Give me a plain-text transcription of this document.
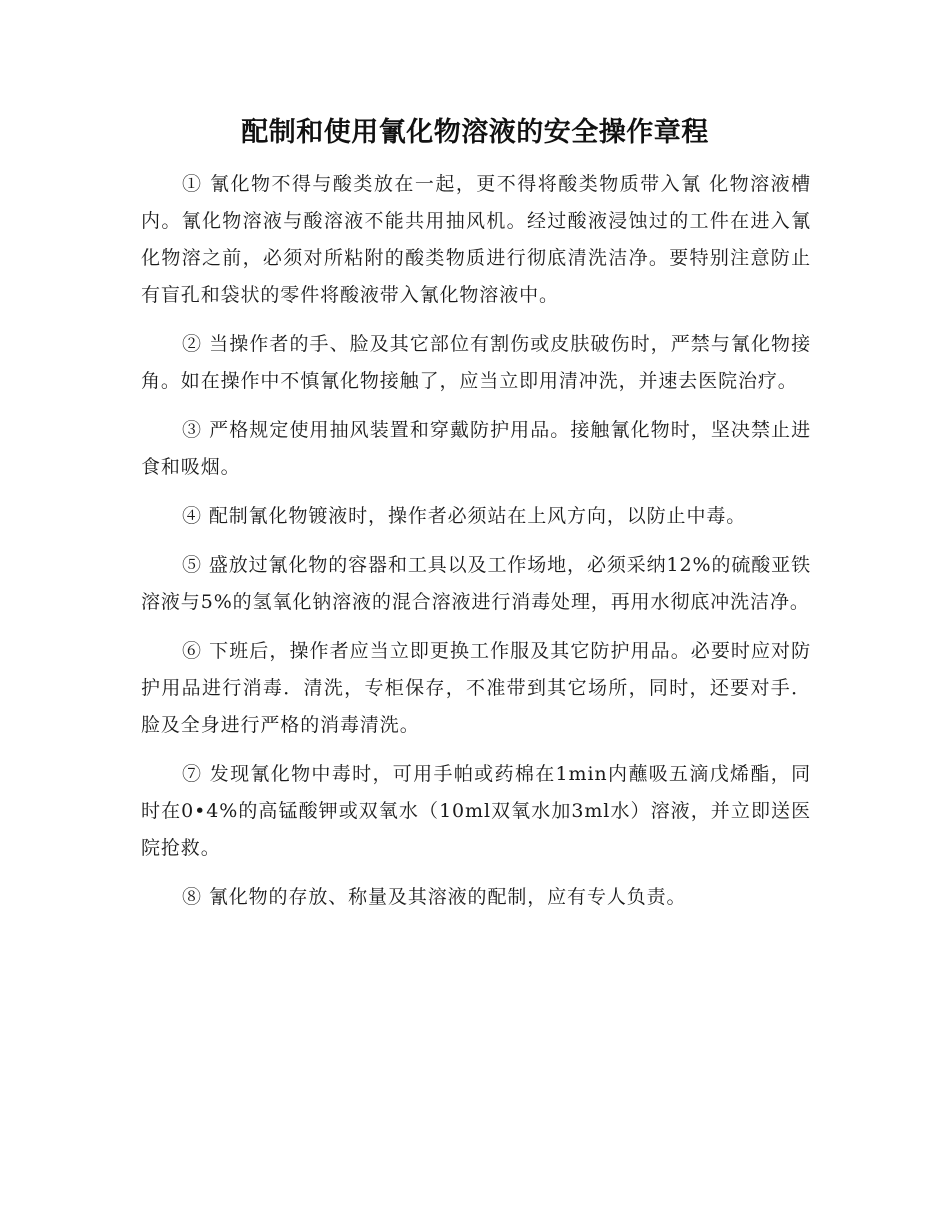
配制和使用氰化物溶液的安全操作章程

① 氰化物不得与酸类放在一起，更不得将酸类物质带入氰 化物溶液槽内。氰化物溶液与酸溶液不能共用抽风机。经过酸液浸蚀过的工件在进入氰化物溶之前，必须对所粘附的酸类物质进行彻底清洗洁净。要特别注意防止有盲孔和袋状的零件将酸液带入氰化物溶液中。

② 当操作者的手、脸及其它部位有割伤或皮肤破伤时，严禁与氰化物接角。如在操作中不慎氰化物接触了，应当立即用清冲洗，并速去医院治疗。

③ 严格规定使用抽风装置和穿戴防护用品。接触氰化物时，坚决禁止进食和吸烟。

④ 配制氰化物镀液时，操作者必须站在上风方向，以防止中毒。

⑤ 盛放过氰化物的容器和工具以及工作场地，必须采纳12%的硫酸亚铁溶液与5%的氢氧化钠溶液的混合溶液进行消毒处理，再用水彻底冲洗洁净。

⑥ 下班后，操作者应当立即更换工作服及其它防护用品。必要时应对防护用品进行消毒．清洗，专柜保存，不准带到其它场所，同时，还要对手．脸及全身进行严格的消毒清洗。

⑦ 发现氰化物中毒时，可用手帕或药棉在1min内蘸吸五滴戊烯酯，同时在0•4%的高锰酸钾或双氧水（10ml双氧水加3ml水）溶液，并立即送医院抢救。

⑧ 氰化物的存放、称量及其溶液的配制，应有专人负责。
